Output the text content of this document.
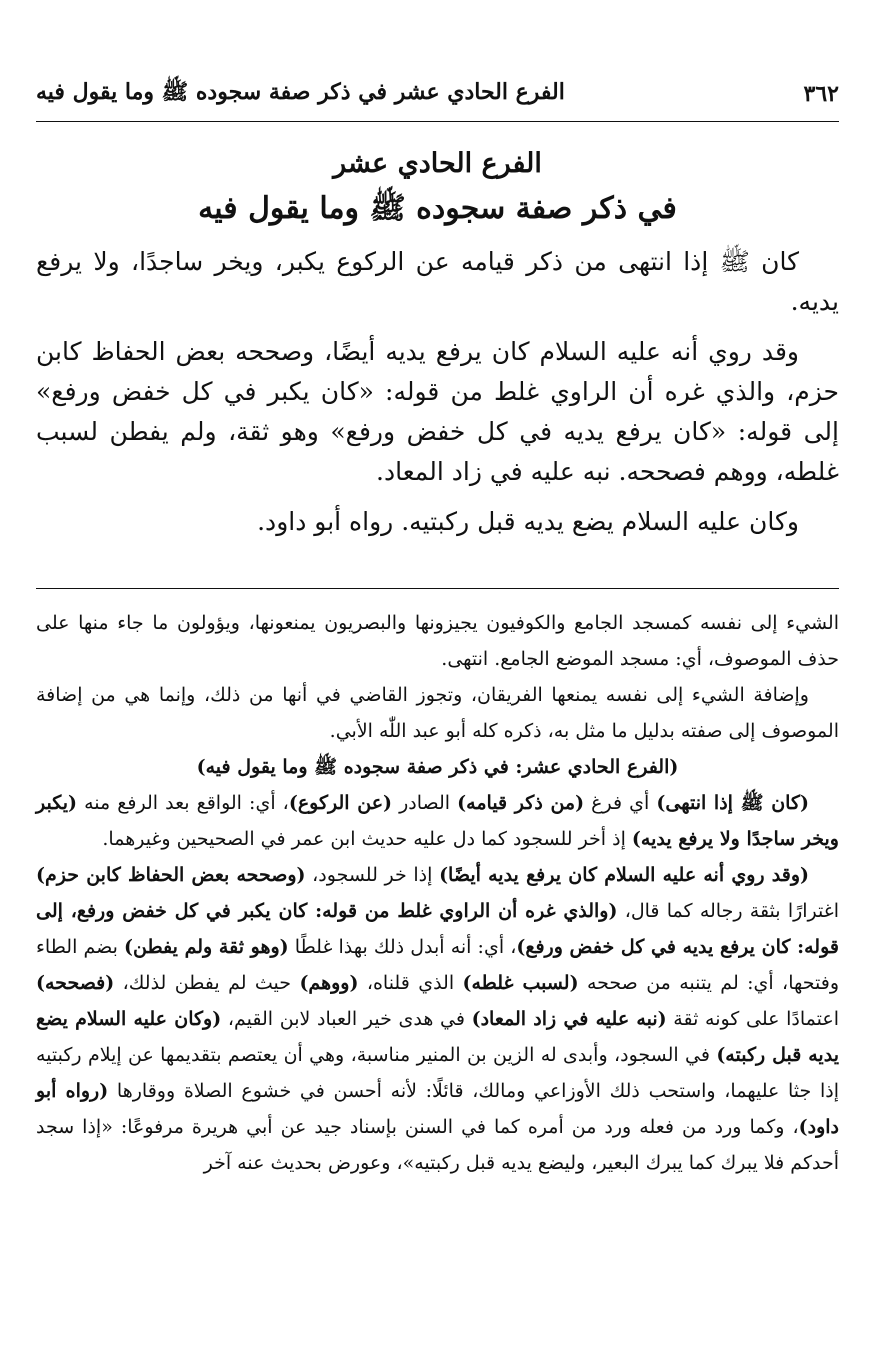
٣٦٢
الفرع الحادي عشر في ذكر صفة سجوده ﷺ وما يقول فيه
الفرع الحادي عشر
في ذكر صفة سجوده ﷺ وما يقول فيه

كان ﷺ إذا انتهى من ذكر قيامه عن الركوع يكبر، ويخر ساجدًا، ولا يرفع يديه.

وقد روي أنه عليه السلام كان يرفع يديه أيضًا، وصححه بعض الحفاظ كابن حزم، والذي غره أن الراوي غلط من قوله: «كان يكبر في كل خفض ورفع» إلى قوله: «كان يرفع يديه في كل خفض ورفع» وهو ثقة، ولم يفطن لسبب غلطه، ووهم فصححه. نبه عليه في زاد المعاد.

وكان عليه السلام يضع يديه قبل ركبتيه. رواه أبو داود.

الشيء إلى نفسه كمسجد الجامع والكوفيون يجيزونها والبصريون يمنعونها، ويؤولون ما جاء منها على حذف الموصوف، أي: مسجد الموضع الجامع. انتهى.

وإضافة الشيء إلى نفسه يمنعها الفريقان، وتجوز القاضي في أنها من ذلك، وإنما هي من إضافة الموصوف إلى صفته بدليل ما مثل به، ذكره كله أبو عبد اللّٰه الأبي.

(الفرع الحادي عشر: في ذكر صفة سجوده ﷺ وما يقول فيه)

(كان ﷺ إذا انتهى) أي فرغ (من ذكر قيامه) الصادر (عن الركوع)، أي: الواقع بعد الرفع منه (يكبر ويخر ساجدًا ولا يرفع يديه) إذ أخر للسجود كما دل عليه حديث ابن عمر في الصحيحين وغيرهما.

(وقد روي أنه عليه السلام كان يرفع يديه أيضًا) إذا خر للسجود، (وصححه بعض الحفاظ كابن حزم) اغترارًا بثقة رجاله كما قال، (والذي غره أن الراوي غلط من قوله: كان يكبر في كل خفض ورفع، إلى قوله: كان يرفع يديه في كل خفض ورفع)، أي: أنه أبدل ذلك بهذا غلطًا (وهو ثقة ولم يفطن) بضم الطاء وفتحها، أي: لم يتنبه من صححه (لسبب غلطه) الذي قلناه، (ووهم) حيث لم يفطن لذلك، (فصححه) اعتمادًا على كونه ثقة (نبه عليه في زاد المعاد) في هدى خير العباد لابن القيم، (وكان عليه السلام يضع يديه قبل ركبته) في السجود، وأبدى له الزين بن المنير مناسبة، وهي أن يعتصم بتقديمها عن إيلام ركبتيه إذا جثا عليهما، واستحب ذلك الأوزاعي ومالك، قائلًا: لأنه أحسن في خشوع الصلاة ووقارها (رواه أبو داود)، وكما ورد من فعله ورد من أمره كما في السنن بإسناد جيد عن أبي هريرة مرفوعًا: «إذا سجد أحدكم فلا يبرك كما يبرك البعير، وليضع يديه قبل ركبتيه»، وعورض بحديث عنه آخر
